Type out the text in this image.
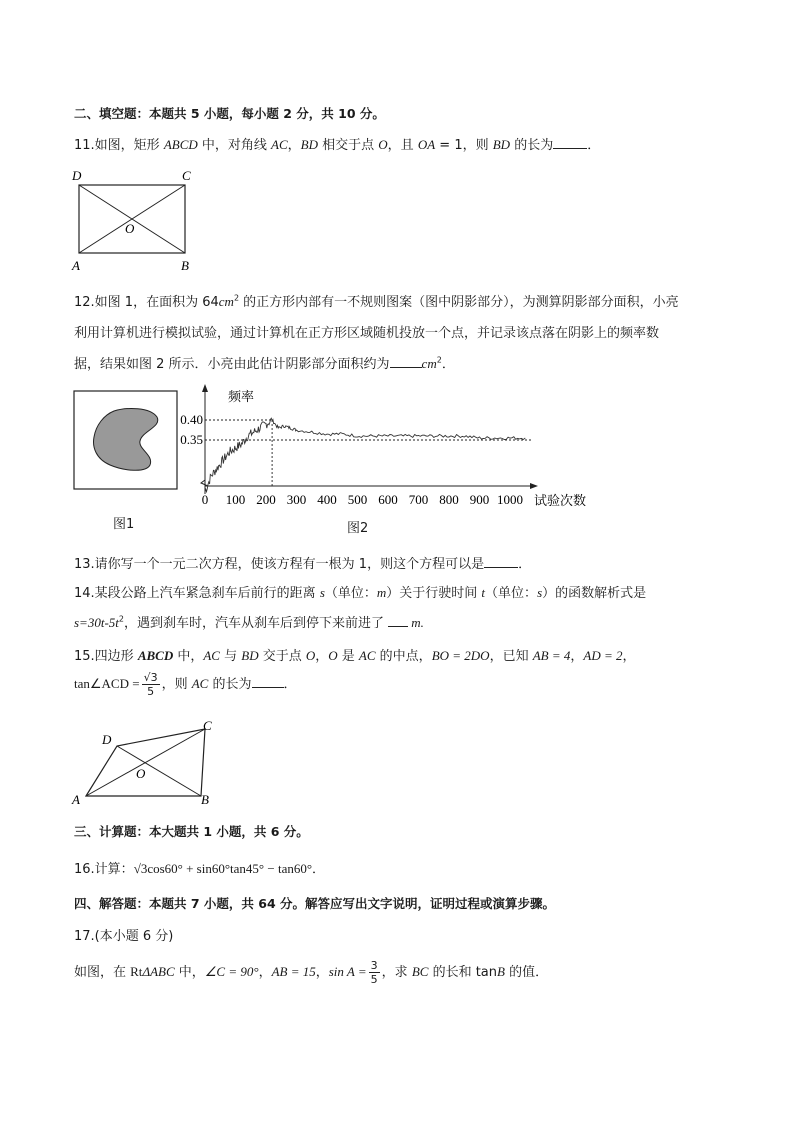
二、填空题：本题共 5 小题，每小题 2 分，共 10 分。
11.如图，矩形 ABCD 中，对角线 AC，BD 相交于点 O，且 OA = 1，则 BD 的长为	．
D	C
O
A	B
12.如图 1，在面积为 $64cm^2$ 的正方形内部有一不规则图案（图中阴影部分），为测算阴影部分面积，小亮
利用计算机进行模拟试验，通过计算机在正方形区域随机投放一个点，并记录该点落在阴影上的频率数
据，结果如图 2 所示．小亮由此估计阴影部分面积约为 $cm^2$．
图1
频率
试验次数
0 100 200 300 400 500 600 700 800 900 1000
0.35
0.40
图2
13.请你写一个一元二次方程，使该方程有一根为 1，则这个方程可以是	．
14.某段公路上汽车紧急刹车后前行的距离 s（单位：m）关于行驶时间 t（单位：s）的函数解析式是
$s=30t-5t^2$，遇到刹车时，汽车从刹车后到停下来前进了 m.
15.四边形 ABCD 中，AC 与 BD 交于点 O，O 是 AC 的中点，BO = 2DO，已知 AB = 4，AD = 2，
tan∠ACD = $\frac{√3}{5}$ ，则 AC 的长为 ．
D
C
O
A	B
三、计算题：本大题共 1 小题，共 6 分。
16.计算：√3cos60° + sin60°tan45° − tan60°．
四、解答题：本题共 7 小题，共 64 分。解答应写出文字说明，证明过程或演算步骤。
17.(本小题 6 分)
如图，在 RtΔABC 中，∠C = 90°，AB = 15，$\sin A = \frac{3}{5}$ ，求 BC 的长和 tanB 的值．
